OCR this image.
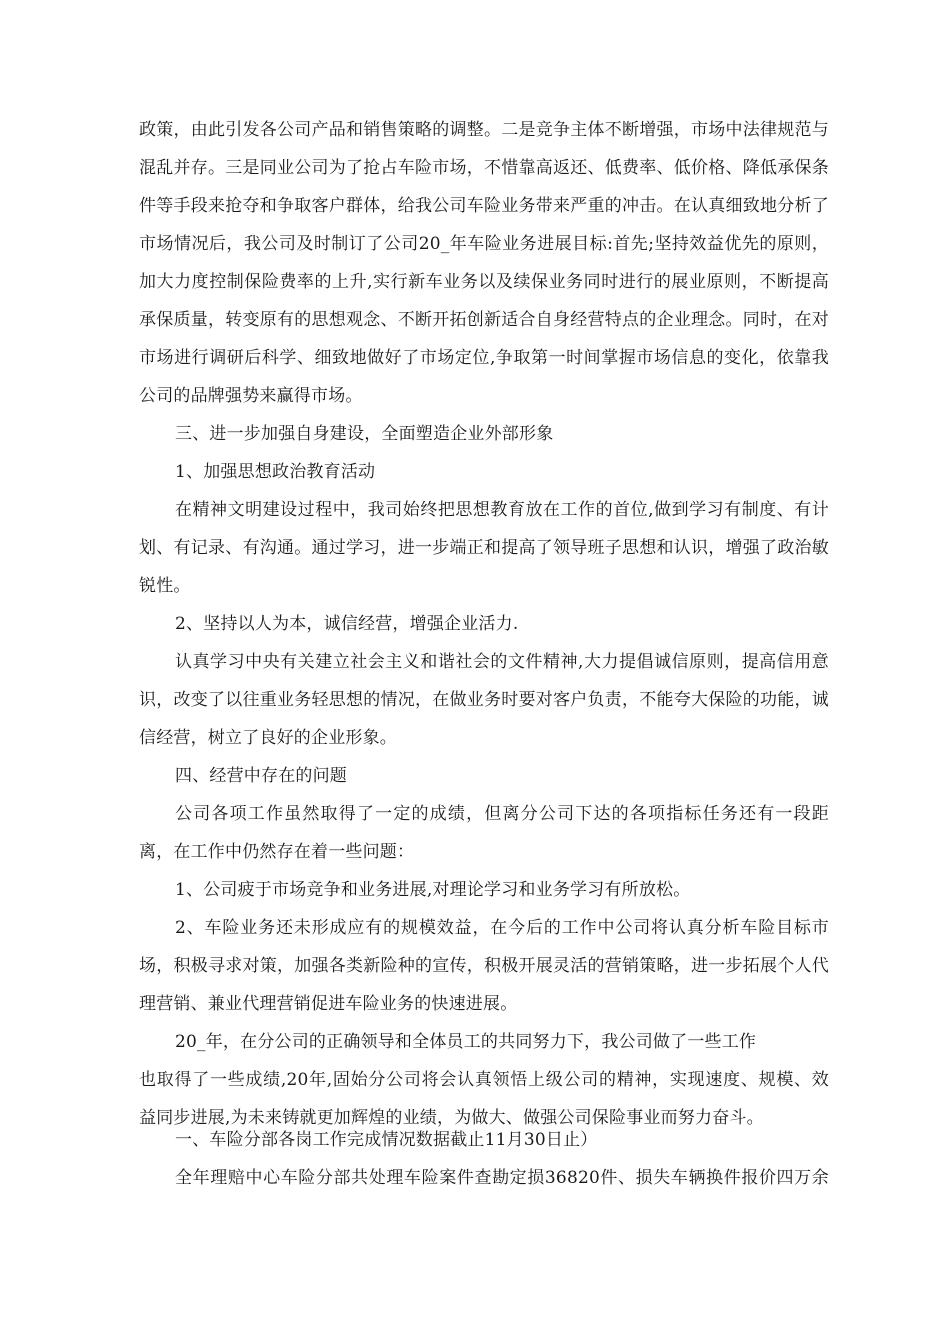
政策，由此引发各公司产品和销售策略的调整。二是竞争主体不断增强，市场中法律规范与
混乱并存。三是同业公司为了抢占车险市场，不惜靠高返还、低费率、低价格、降低承保条
件等手段来抢夺和争取客户群体，给我公司车险业务带来严重的冲击。在认真细致地分析了
市场情况后，我公司及时制订了公司20_年车险业务进展目标:首先;坚持效益优先的原则，
加大力度控制保险费率的上升,实行新车业务以及续保业务同时进行的展业原则，不断提高
承保质量，转变原有的思想观念、不断开拓创新适合自身经营特点的企业理念。同时，在对
市场进行调研后科学、细致地做好了市场定位,争取第一时间掌握市场信息的变化，依靠我
公司的品牌强势来赢得市场。
三、进一步加强自身建设，全面塑造企业外部形象
1、加强思想政治教育活动
在精神文明建设过程中，我司始终把思想教育放在工作的首位,做到学习有制度、有计
划、有记录、有沟通。通过学习，进一步端正和提高了领导班子思想和认识，增强了政治敏
锐性。
2、坚持以人为本，诚信经营，增强企业活力.
认真学习中央有关建立社会主义和谐社会的文件精神,大力提倡诚信原则，提高信用意
识，改变了以往重业务轻思想的情况，在做业务时要对客户负责，不能夸大保险的功能，诚
信经营，树立了良好的企业形象。
四、经营中存在的问题
公司各项工作虽然取得了一定的成绩，但离分公司下达的各项指标任务还有一段距
离，在工作中仍然存在着一些问题：
1、公司疲于市场竞争和业务进展,对理论学习和业务学习有所放松。
2、车险业务还未形成应有的规模效益，在今后的工作中公司将认真分析车险目标市
场，积极寻求对策，加强各类新险种的宣传，积极开展灵活的营销策略，进一步拓展个人代
理营销、兼业代理营销促进车险业务的快速进展。
20_年，在分公司的正确领导和全体员工的共同努力下，我公司做了一些工作
也取得了一些成绩,20年,固始分公司将会认真领悟上级公司的精神，实现速度、规模、效
益同步进展,为未来铸就更加辉煌的业绩，为做大、做强公司保险事业而努力奋斗。
一、车险分部各岗工作完成情况数据截止11月30日止）
全年理赔中心车险分部共处理车险案件查勘定损36820件、损失车辆换件报价四万余
